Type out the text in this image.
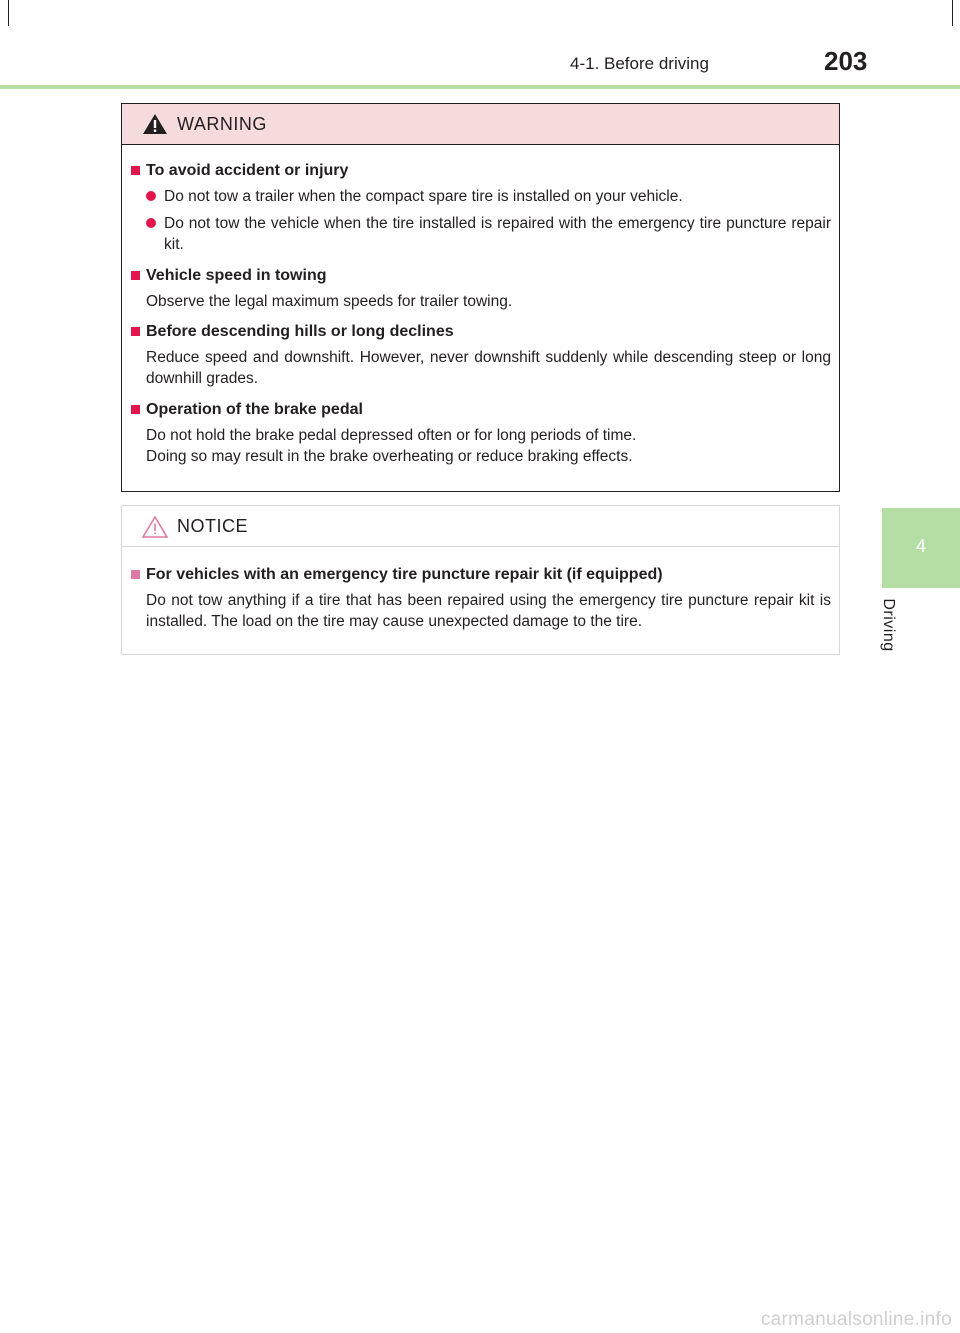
4-1. Before driving	203
4
Driving
WARNING
To avoid accident or injury
Do not tow a trailer when the compact spare tire is installed on your vehicle.
Do not tow the vehicle when the tire installed is repaired with the emergency tire puncture repair kit.
Vehicle speed in towing
Observe the legal maximum speeds for trailer towing.
Before descending hills or long declines
Reduce speed and downshift. However, never downshift suddenly while descending steep or long downhill grades.
Operation of the brake pedal
Do not hold the brake pedal depressed often or for long periods of time.
Doing so may result in the brake overheating or reduce braking effects.
NOTICE
For vehicles with an emergency tire puncture repair kit (if equipped)
Do not tow anything if a tire that has been repaired using the emergency tire puncture repair kit is installed. The load on the tire may cause unexpected damage to the tire.
carmanualsonline.info
